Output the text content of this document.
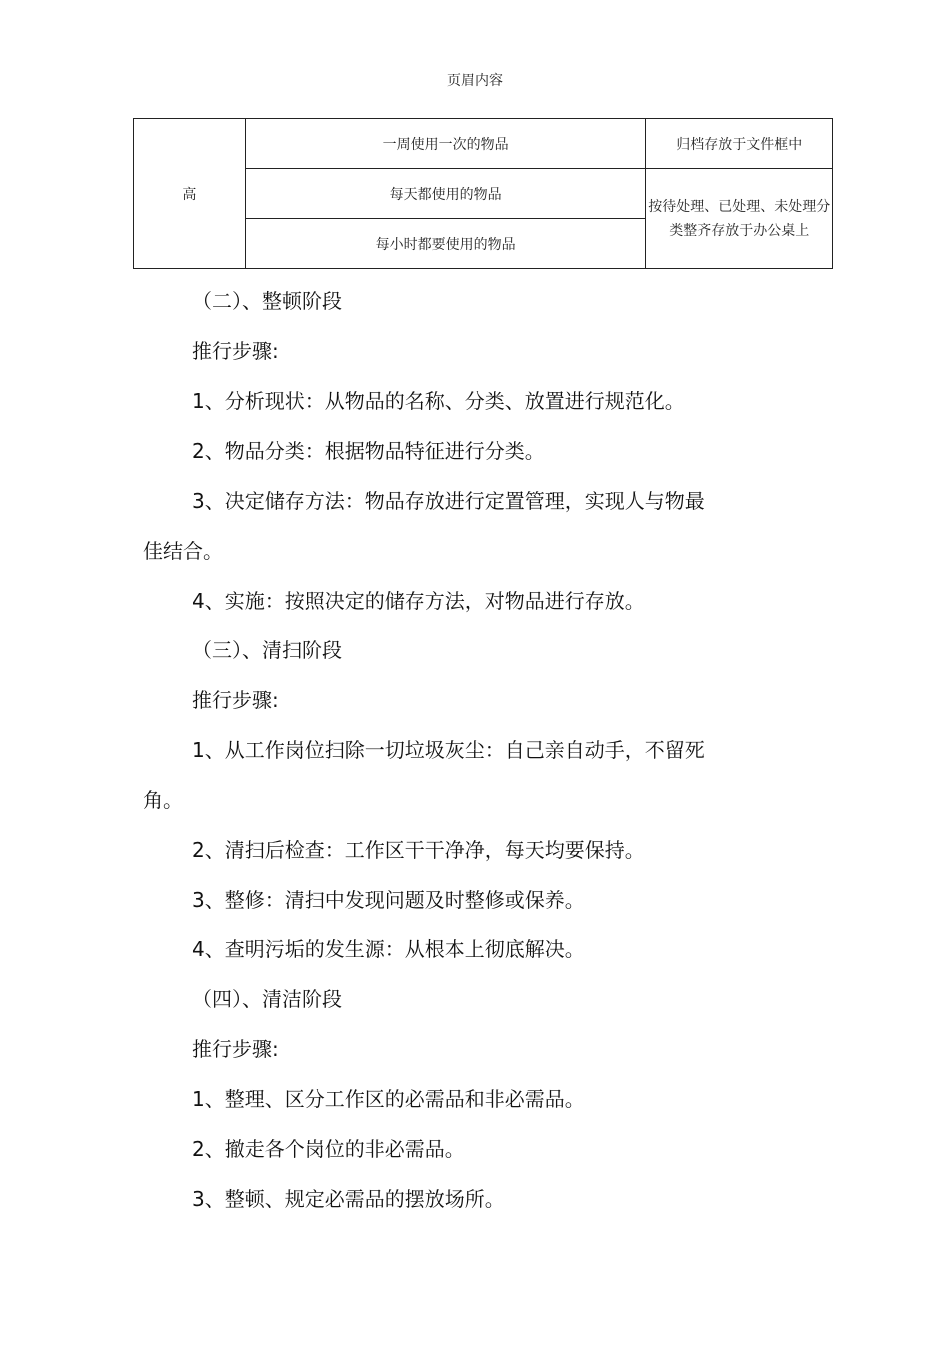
页眉内容
高	一周使用一次的物品	归档存放于文件框中
	每天都使用的物品	按待处理、已处理、未处理分类整齐存放于办公桌上
	每小时都要使用的物品	
（二）、整顿阶段
推行步骤:
1、分析现状：从物品的名称、分类、放置进行规范化。
2、物品分类：根据物品特征进行分类。
3、决定储存方法：物品存放进行定置管理，实现人与物最
佳结合。
4、实施：按照决定的储存方法，对物品进行存放。
（三）、清扫阶段
推行步骤:
1、从工作岗位扫除一切垃圾灰尘：自己亲自动手，不留死
角。
2、清扫后检查：工作区干干净净，每天均要保持。
3、整修：清扫中发现问题及时整修或保养。
4、查明污垢的发生源：从根本上彻底解决。
（四）、清洁阶段
推行步骤:
1、整理、区分工作区的必需品和非必需品。
2、撤走各个岗位的非必需品。
3、整顿、规定必需品的摆放场所。
